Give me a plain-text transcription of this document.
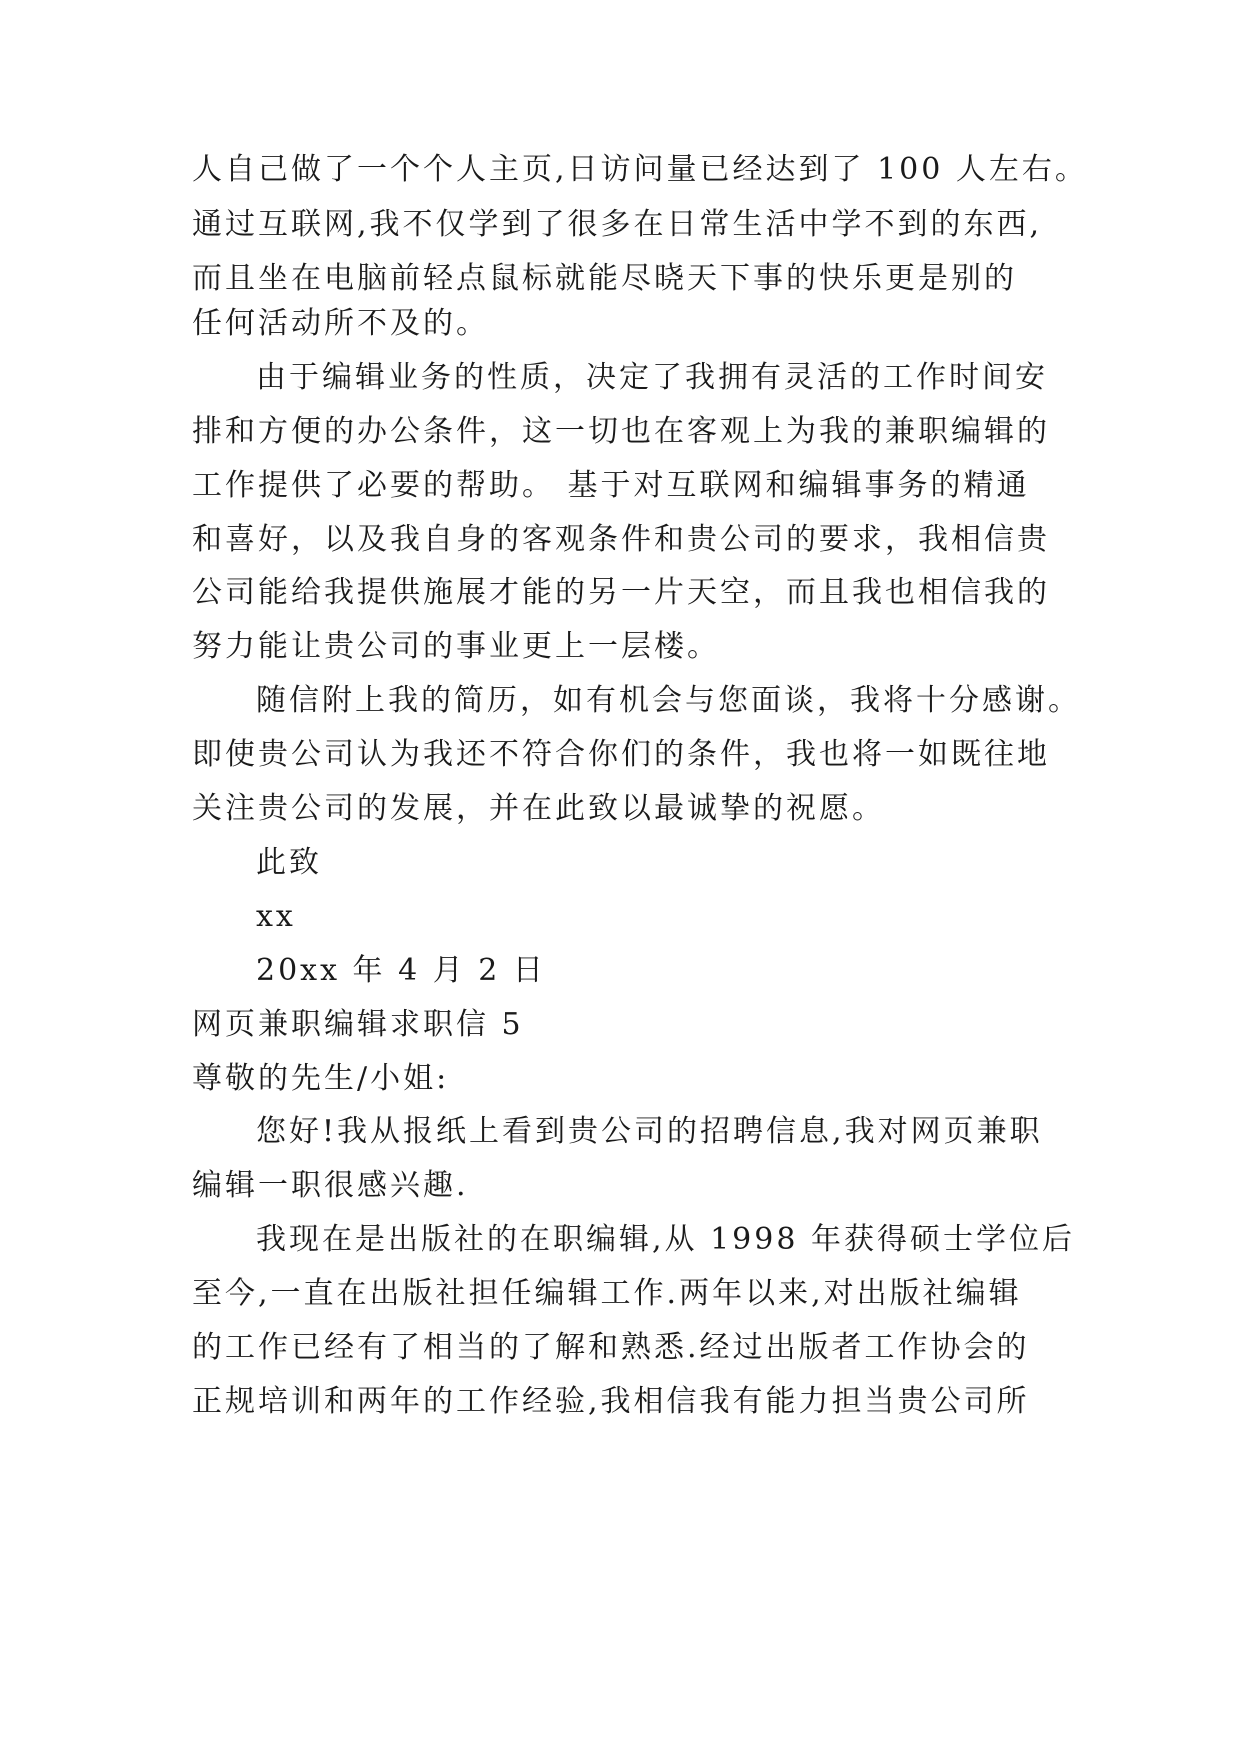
人自己做了一个个人主页,日访问量已经达到了 100 人左右。
通过互联网,我不仅学到了很多在日常生活中学不到的东西,
而且坐在电脑前轻点鼠标就能尽晓天下事的快乐更是别的
任何活动所不及的。
由于编辑业务的性质，决定了我拥有灵活的工作时间安
排和方便的办公条件，这一切也在客观上为我的兼职编辑的
工作提供了必要的帮助。 基于对互联网和编辑事务的精通
和喜好，以及我自身的客观条件和贵公司的要求，我相信贵
公司能给我提供施展才能的另一片天空，而且我也相信我的
努力能让贵公司的事业更上一层楼。
随信附上我的简历，如有机会与您面谈，我将十分感谢。
即使贵公司认为我还不符合你们的条件，我也将一如既往地
关注贵公司的发展，并在此致以最诚挚的祝愿。
此致
xx
20xx 年 4 月 2 日
网页兼职编辑求职信 5
尊敬的先生/小姐:
您好!我从报纸上看到贵公司的招聘信息,我对网页兼职
编辑一职很感兴趣.
我现在是出版社的在职编辑,从 1998 年获得硕士学位后
至今,一直在出版社担任编辑工作.两年以来,对出版社编辑
的工作已经有了相当的了解和熟悉.经过出版者工作协会的
正规培训和两年的工作经验,我相信我有能力担当贵公司所
